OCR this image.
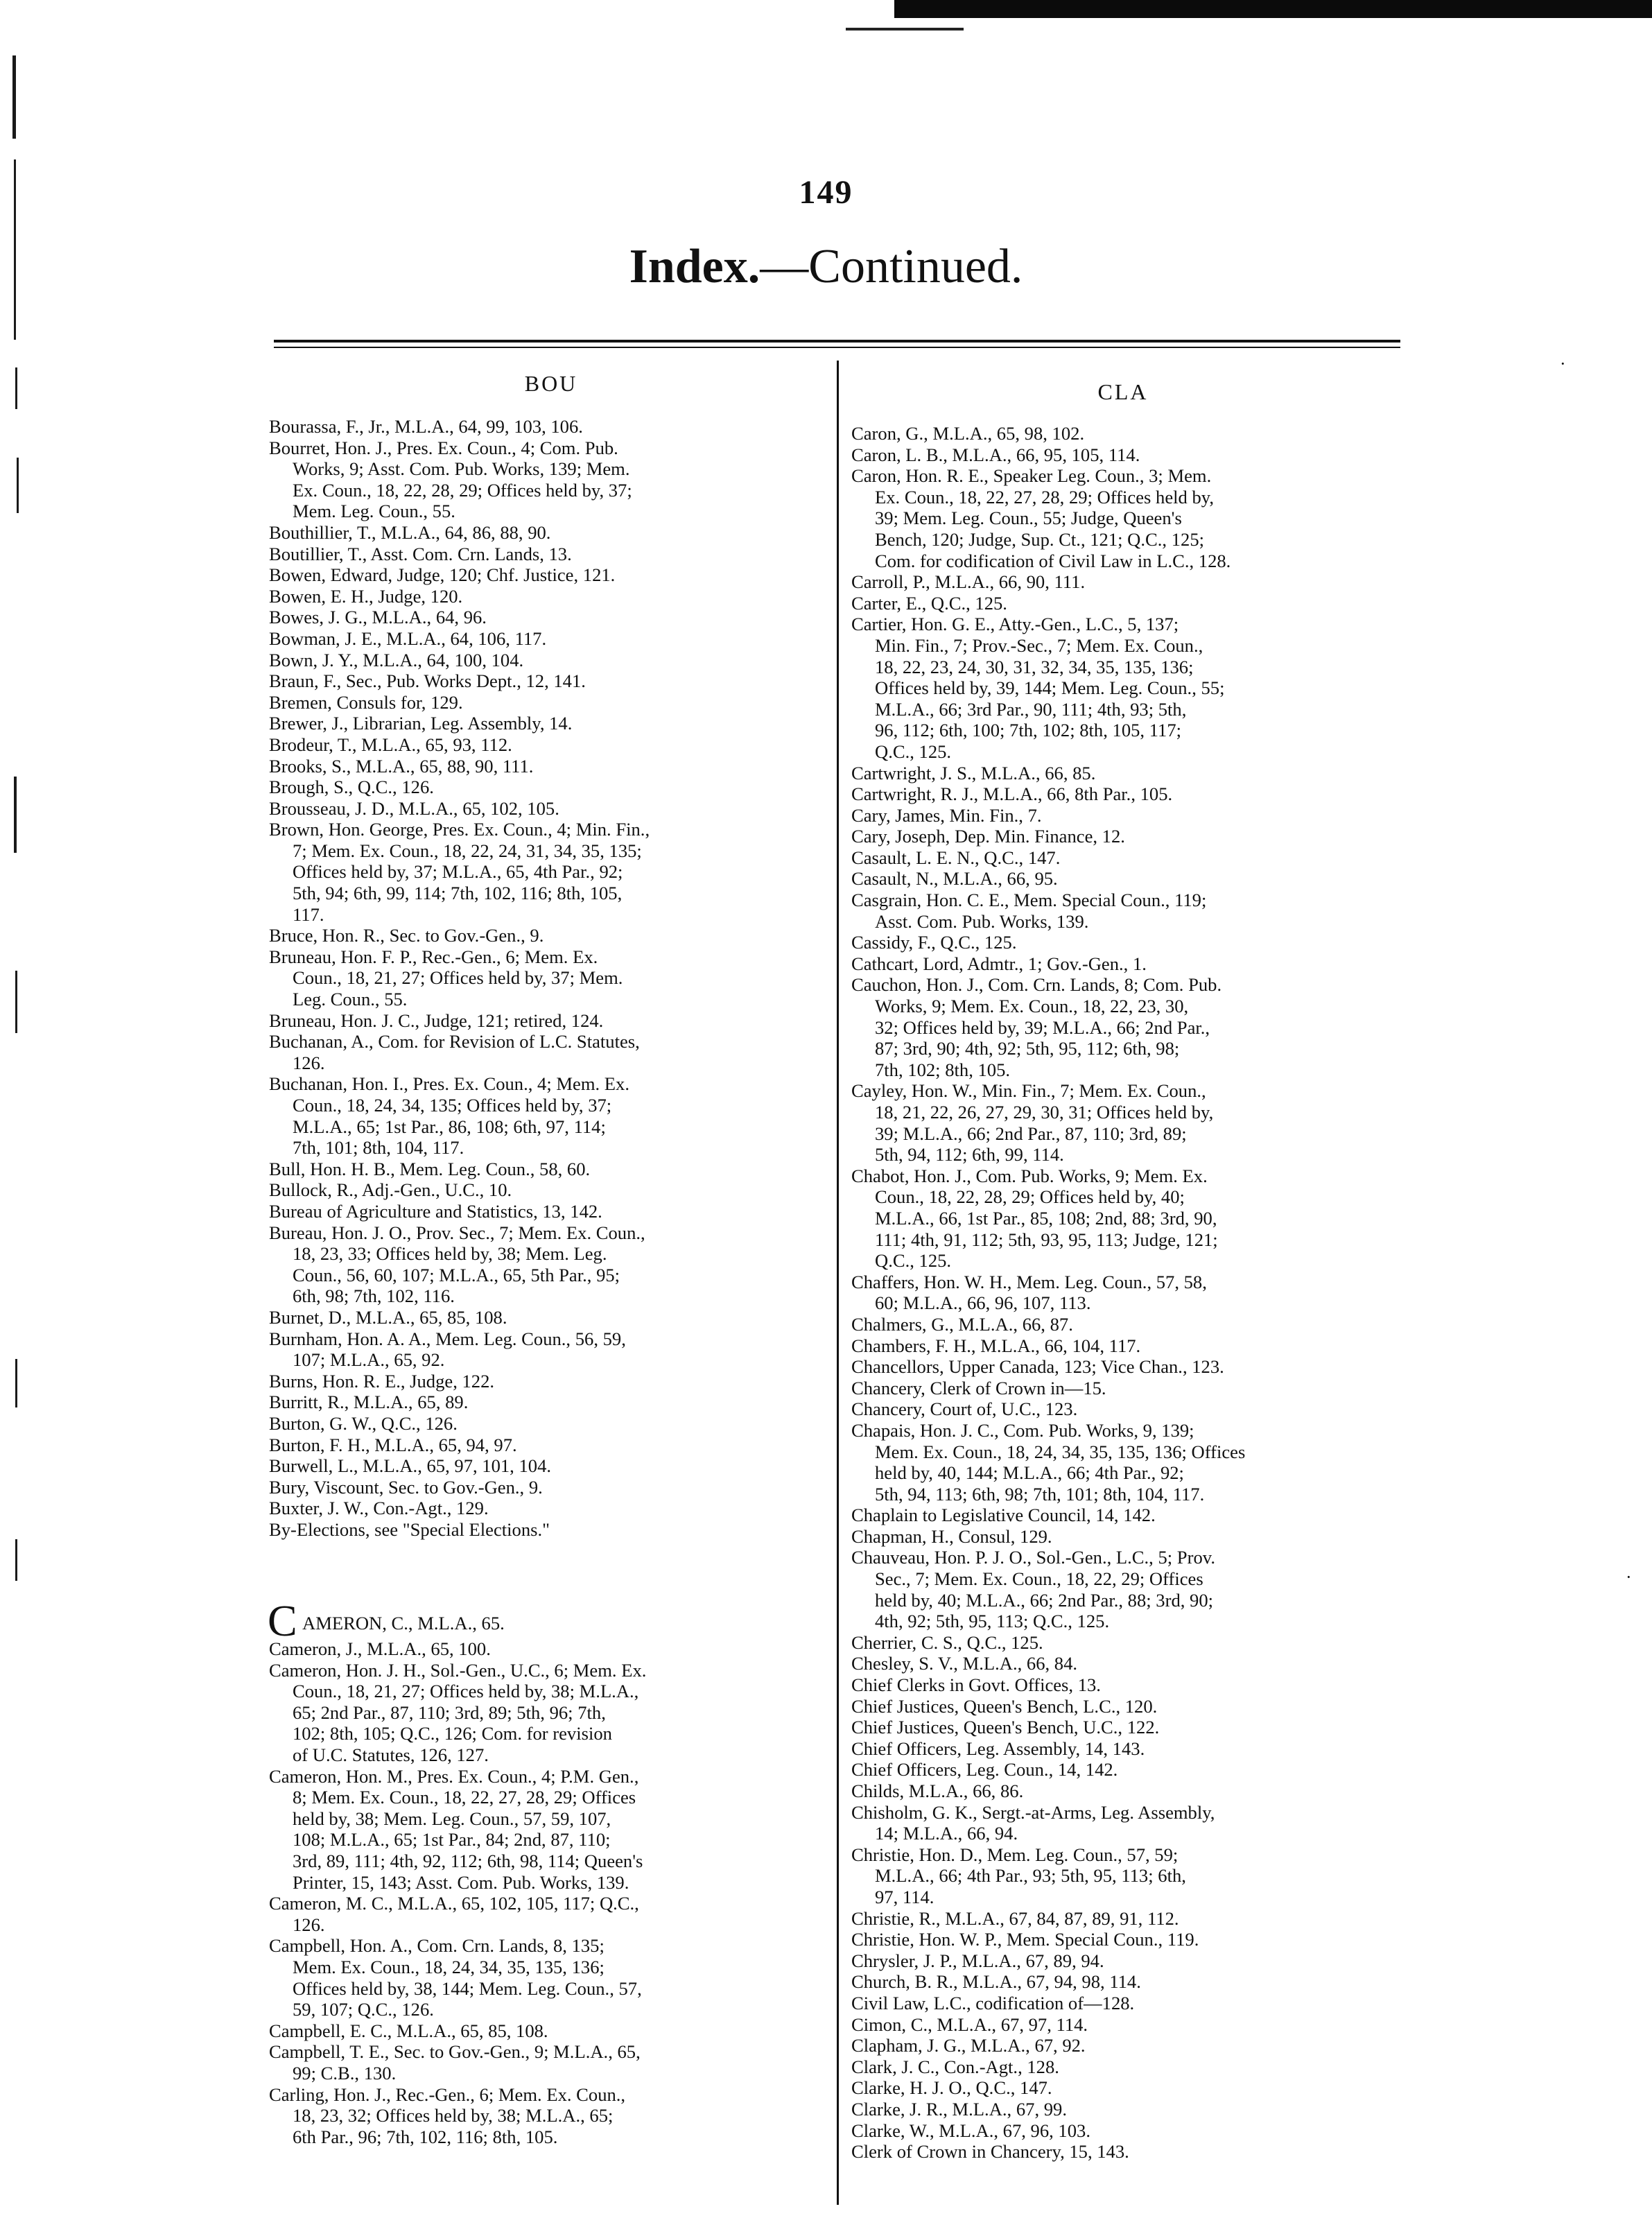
149
Index.—Continued.
BOU	CLA

Bourassa, F., Jr., M.L.A., 64, 99, 103, 106.

Bourret, Hon. J., Pres. Ex. Coun., 4; Com. Pub.
Works, 9; Asst. Com. Pub. Works, 139; Mem.
Ex. Coun., 18, 22, 28, 29; Offices held by, 37;
Mem. Leg. Coun., 55.

Bouthillier, T., M.L.A., 64, 86, 88, 90.

Boutillier, T., Asst. Com. Crn. Lands, 13.

Bowen, Edward, Judge, 120; Chf. Justice, 121.

Bowen, E. H., Judge, 120.

Bowes, J. G., M.L.A., 64, 96.

Bowman, J. E., M.L.A., 64, 106, 117.

Bown, J. Y., M.L.A., 64, 100, 104.

Braun, F., Sec., Pub. Works Dept., 12, 141.

Bremen, Consuls for, 129.

Brewer, J., Librarian, Leg. Assembly, 14.

Brodeur, T., M.L.A., 65, 93, 112.

Brooks, S., M.L.A., 65, 88, 90, 111.

Brough, S., Q.C., 126.

Brousseau, J. D., M.L.A., 65, 102, 105.

Brown, Hon. George, Pres. Ex. Coun., 4; Min. Fin.,
7; Mem. Ex. Coun., 18, 22, 24, 31, 34, 35, 135;
Offices held by, 37; M.L.A., 65, 4th Par., 92;
5th, 94; 6th, 99, 114; 7th, 102, 116; 8th, 105,
117.

Bruce, Hon. R., Sec. to Gov.-Gen., 9.

Bruneau, Hon. F. P., Rec.-Gen., 6; Mem. Ex.
Coun., 18, 21, 27; Offices held by, 37; Mem.
Leg. Coun., 55.

Bruneau, Hon. J. C., Judge, 121; retired, 124.

Buchanan, A., Com. for Revision of L.C. Statutes,
126.

Buchanan, Hon. I., Pres. Ex. Coun., 4; Mem. Ex.
Coun., 18, 24, 34, 135; Offices held by, 37;
M.L.A., 65; 1st Par., 86, 108; 6th, 97, 114;
7th, 101; 8th, 104, 117.

Bull, Hon. H. B., Mem. Leg. Coun., 58, 60.

Bullock, R., Adj.-Gen., U.C., 10.

Bureau of Agriculture and Statistics, 13, 142.

Bureau, Hon. J. O., Prov. Sec., 7; Mem. Ex. Coun.,
18, 23, 33; Offices held by, 38; Mem. Leg.
Coun., 56, 60, 107; M.L.A., 65, 5th Par., 95;
6th, 98; 7th, 102, 116.

Burnet, D., M.L.A., 65, 85, 108.

Burnham, Hon. A. A., Mem. Leg. Coun., 56, 59,
107; M.L.A., 65, 92.

Burns, Hon. R. E., Judge, 122.

Burritt, R., M.L.A., 65, 89.

Burton, G. W., Q.C., 126.

Burton, F. H., M.L.A., 65, 94, 97.

Burwell, L., M.L.A., 65, 97, 101, 104.

Bury, Viscount, Sec. to Gov.-Gen., 9.

Buxter, J. W., Con.-Agt., 129.

By-Elections, see "Special Elections."

C AMERON, C., M.L.A., 65.

Cameron, J., M.L.A., 65, 100.

Cameron, Hon. J. H., Sol.-Gen., U.C., 6; Mem. Ex.
Coun., 18, 21, 27; Offices held by, 38; M.L.A.,
65; 2nd Par., 87, 110; 3rd, 89; 5th, 96; 7th,
102; 8th, 105; Q.C., 126; Com. for revision
of U.C. Statutes, 126, 127.

Cameron, Hon. M., Pres. Ex. Coun., 4; P.M. Gen.,
8; Mem. Ex. Coun., 18, 22, 27, 28, 29; Offices
held by, 38; Mem. Leg. Coun., 57, 59, 107,
108; M.L.A., 65; 1st Par., 84; 2nd, 87, 110;
3rd, 89, 111; 4th, 92, 112; 6th, 98, 114; Queen's
Printer, 15, 143; Asst. Com. Pub. Works, 139.

Cameron, M. C., M.L.A., 65, 102, 105, 117; Q.C.,
126.

Campbell, Hon. A., Com. Crn. Lands, 8, 135;
Mem. Ex. Coun., 18, 24, 34, 35, 135, 136;
Offices held by, 38, 144; Mem. Leg. Coun., 57,
59, 107; Q.C., 126.

Campbell, E. C., M.L.A., 65, 85, 108.

Campbell, T. E., Sec. to Gov.-Gen., 9; M.L.A., 65,
99; C.B., 130.

Carling, Hon. J., Rec.-Gen., 6; Mem. Ex. Coun.,
18, 23, 32; Offices held by, 38; M.L.A., 65;
6th Par., 96; 7th, 102, 116; 8th, 105.

Caron, G., M.L.A., 65, 98, 102.

Caron, L. B., M.L.A., 66, 95, 105, 114.

Caron, Hon. R. E., Speaker Leg. Coun., 3; Mem.
Ex. Coun., 18, 22, 27, 28, 29; Offices held by,
39; Mem. Leg. Coun., 55; Judge, Queen's
Bench, 120; Judge, Sup. Ct., 121; Q.C., 125;
Com. for codification of Civil Law in L.C., 128.

Carroll, P., M.L.A., 66, 90, 111.

Carter, E., Q.C., 125.

Cartier, Hon. G. E., Atty.-Gen., L.C., 5, 137;
Min. Fin., 7; Prov.-Sec., 7; Mem. Ex. Coun.,
18, 22, 23, 24, 30, 31, 32, 34, 35, 135, 136;
Offices held by, 39, 144; Mem. Leg. Coun., 55;
M.L.A., 66; 3rd Par., 90, 111; 4th, 93; 5th,
96, 112; 6th, 100; 7th, 102; 8th, 105, 117;
Q.C., 125.

Cartwright, J. S., M.L.A., 66, 85.

Cartwright, R. J., M.L.A., 66, 8th Par., 105.

Cary, James, Min. Fin., 7.

Cary, Joseph, Dep. Min. Finance, 12.

Casault, L. E. N., Q.C., 147.

Casault, N., M.L.A., 66, 95.

Casgrain, Hon. C. E., Mem. Special Coun., 119;
Asst. Com. Pub. Works, 139.

Cassidy, F., Q.C., 125.

Cathcart, Lord, Admtr., 1; Gov.-Gen., 1.

Cauchon, Hon. J., Com. Crn. Lands, 8; Com. Pub.
Works, 9; Mem. Ex. Coun., 18, 22, 23, 30,
32; Offices held by, 39; M.L.A., 66; 2nd Par.,
87; 3rd, 90; 4th, 92; 5th, 95, 112; 6th, 98;
7th, 102; 8th, 105.

Cayley, Hon. W., Min. Fin., 7; Mem. Ex. Coun.,
18, 21, 22, 26, 27, 29, 30, 31; Offices held by,
39; M.L.A., 66; 2nd Par., 87, 110; 3rd, 89;
5th, 94, 112; 6th, 99, 114.

Chabot, Hon. J., Com. Pub. Works, 9; Mem. Ex.
Coun., 18, 22, 28, 29; Offices held by, 40;
M.L.A., 66, 1st Par., 85, 108; 2nd, 88; 3rd, 90,
111; 4th, 91, 112; 5th, 93, 95, 113; Judge, 121;
Q.C., 125.

Chaffers, Hon. W. H., Mem. Leg. Coun., 57, 58,
60; M.L.A., 66, 96, 107, 113.

Chalmers, G., M.L.A., 66, 87.

Chambers, F. H., M.L.A., 66, 104, 117.

Chancellors, Upper Canada, 123; Vice Chan., 123.

Chancery, Clerk of Crown in—15.

Chancery, Court of, U.C., 123.

Chapais, Hon. J. C., Com. Pub. Works, 9, 139;
Mem. Ex. Coun., 18, 24, 34, 35, 135, 136; Offices
held by, 40, 144; M.L.A., 66; 4th Par., 92;
5th, 94, 113; 6th, 98; 7th, 101; 8th, 104, 117.

Chaplain to Legislative Council, 14, 142.

Chapman, H., Consul, 129.

Chauveau, Hon. P. J. O., Sol.-Gen., L.C., 5; Prov.
Sec., 7; Mem. Ex. Coun., 18, 22, 29; Offices
held by, 40; M.L.A., 66; 2nd Par., 88; 3rd, 90;
4th, 92; 5th, 95, 113; Q.C., 125.

Cherrier, C. S., Q.C., 125.

Chesley, S. V., M.L.A., 66, 84.

Chief Clerks in Govt. Offices, 13.

Chief Justices, Queen's Bench, L.C., 120.

Chief Justices, Queen's Bench, U.C., 122.

Chief Officers, Leg. Assembly, 14, 143.

Chief Officers, Leg. Coun., 14, 142.

Childs, M.L.A., 66, 86.

Chisholm, G. K., Sergt.-at-Arms, Leg. Assembly,
14; M.L.A., 66, 94.

Christie, Hon. D., Mem. Leg. Coun., 57, 59;
M.L.A., 66; 4th Par., 93; 5th, 95, 113; 6th,
97, 114.

Christie, R., M.L.A., 67, 84, 87, 89, 91, 112.

Christie, Hon. W. P., Mem. Special Coun., 119.

Chrysler, J. P., M.L.A., 67, 89, 94.

Church, B. R., M.L.A., 67, 94, 98, 114.

Civil Law, L.C., codification of—128.

Cimon, C., M.L.A., 67, 97, 114.

Clapham, J. G., M.L.A., 67, 92.

Clark, J. C., Con.-Agt., 128.

Clarke, H. J. O., Q.C., 147.

Clarke, J. R., M.L.A., 67, 99.

Clarke, W., M.L.A., 67, 96, 103.

Clerk of Crown in Chancery, 15, 143.

·
·
